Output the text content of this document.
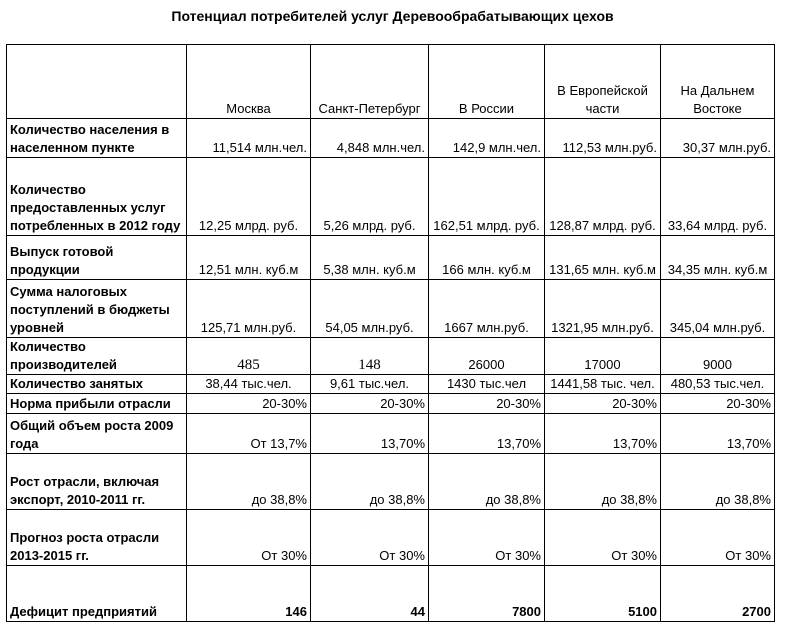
Потенциал потребителей услуг Деревообрабатывающих цехов
	Москва	Санкт-Петербург	В России	В Европейской части	На Дальнем Востоке
Количество населения в населенном пункте	11,514 млн.чел.	4,848 млн.чел.	142,9 млн.чел.	112,53 млн.руб.	30,37 млн.руб.
Количество предоставленных услуг потребленных в 2012 году	12,25 млрд. руб.	5,26 млрд. руб.	162,51 млрд. руб.	128,87 млрд. руб.	33,64 млрд. руб.
Выпуск готовой продукции	12,51 млн. куб.м	5,38 млн. куб.м	166 млн. куб.м	131,65 млн. куб.м	34,35 млн. куб.м
Сумма налоговых поступлений в бюджеты уровней	125,71 млн.руб.	54,05 млн.руб.	1667 млн.руб.	1321,95 млн.руб.	345,04 млн.руб.
Количество производителей	485	148	26000	17000	9000
Количество занятых	38,44 тыс.чел.	9,61 тыс.чел.	1430 тыс.чел	1441,58 тыс. чел.	480,53 тыс.чел.
Норма прибыли отрасли	20-30%	20-30%	20-30%	20-30%	20-30%
Общий объем роста 2009 года	От 13,7%	13,70%	13,70%	13,70%	13,70%
Рост отрасли, включая экспорт, 2010-2011 гг.	до 38,8%	до 38,8%	до 38,8%	до 38,8%	до 38,8%
Прогноз роста отрасли 2013-2015 гг.	От 30%	От 30%	От 30%	От 30%	От 30%
Дефицит предприятий	146	44	7800	5100	2700
